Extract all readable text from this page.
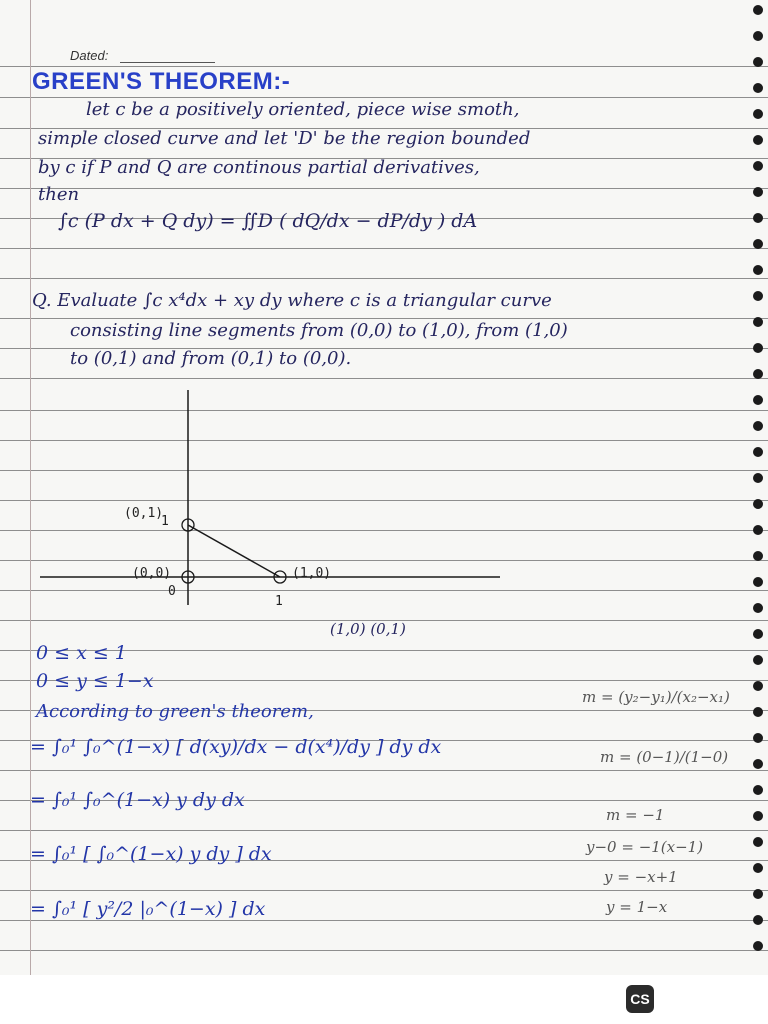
Dated:
GREEN'S THEOREM:-
let c be a positively oriented, piece wise smoth,
simple closed curve and let 'D' be the region bounded
by c if P and Q are continous partial derivatives,
then
∫c (P dx + Q dy) = ∬D ( dQ/dx − dP/dy ) dA
Q. Evaluate ∫c x⁴dx + xy dy where c is a triangular curve
consisting line segments from (0,0) to (1,0), from (1,0)
to (0,1) and from (0,1) to (0,0).
(0,1)
1
(0,0)
0
(1,0)
1
(1,0) (0,1)
0 ≤ x ≤ 1
0 ≤ y ≤ 1−x
According to green's theorem,
= ∫₀¹ ∫₀^(1−x) [ d(xy)/dx − d(x⁴)/dy ] dy dx
= ∫₀¹ ∫₀^(1−x) y dy dx
= ∫₀¹ [ ∫₀^(1−x) y dy ] dx
= ∫₀¹ [ y²/2 |₀^(1−x) ] dx
m = (y₂−y₁)/(x₂−x₁)
m = (0−1)/(1−0)
m = −1
y−0 = −1(x−1)
y = −x+1
y = 1−x
CS
